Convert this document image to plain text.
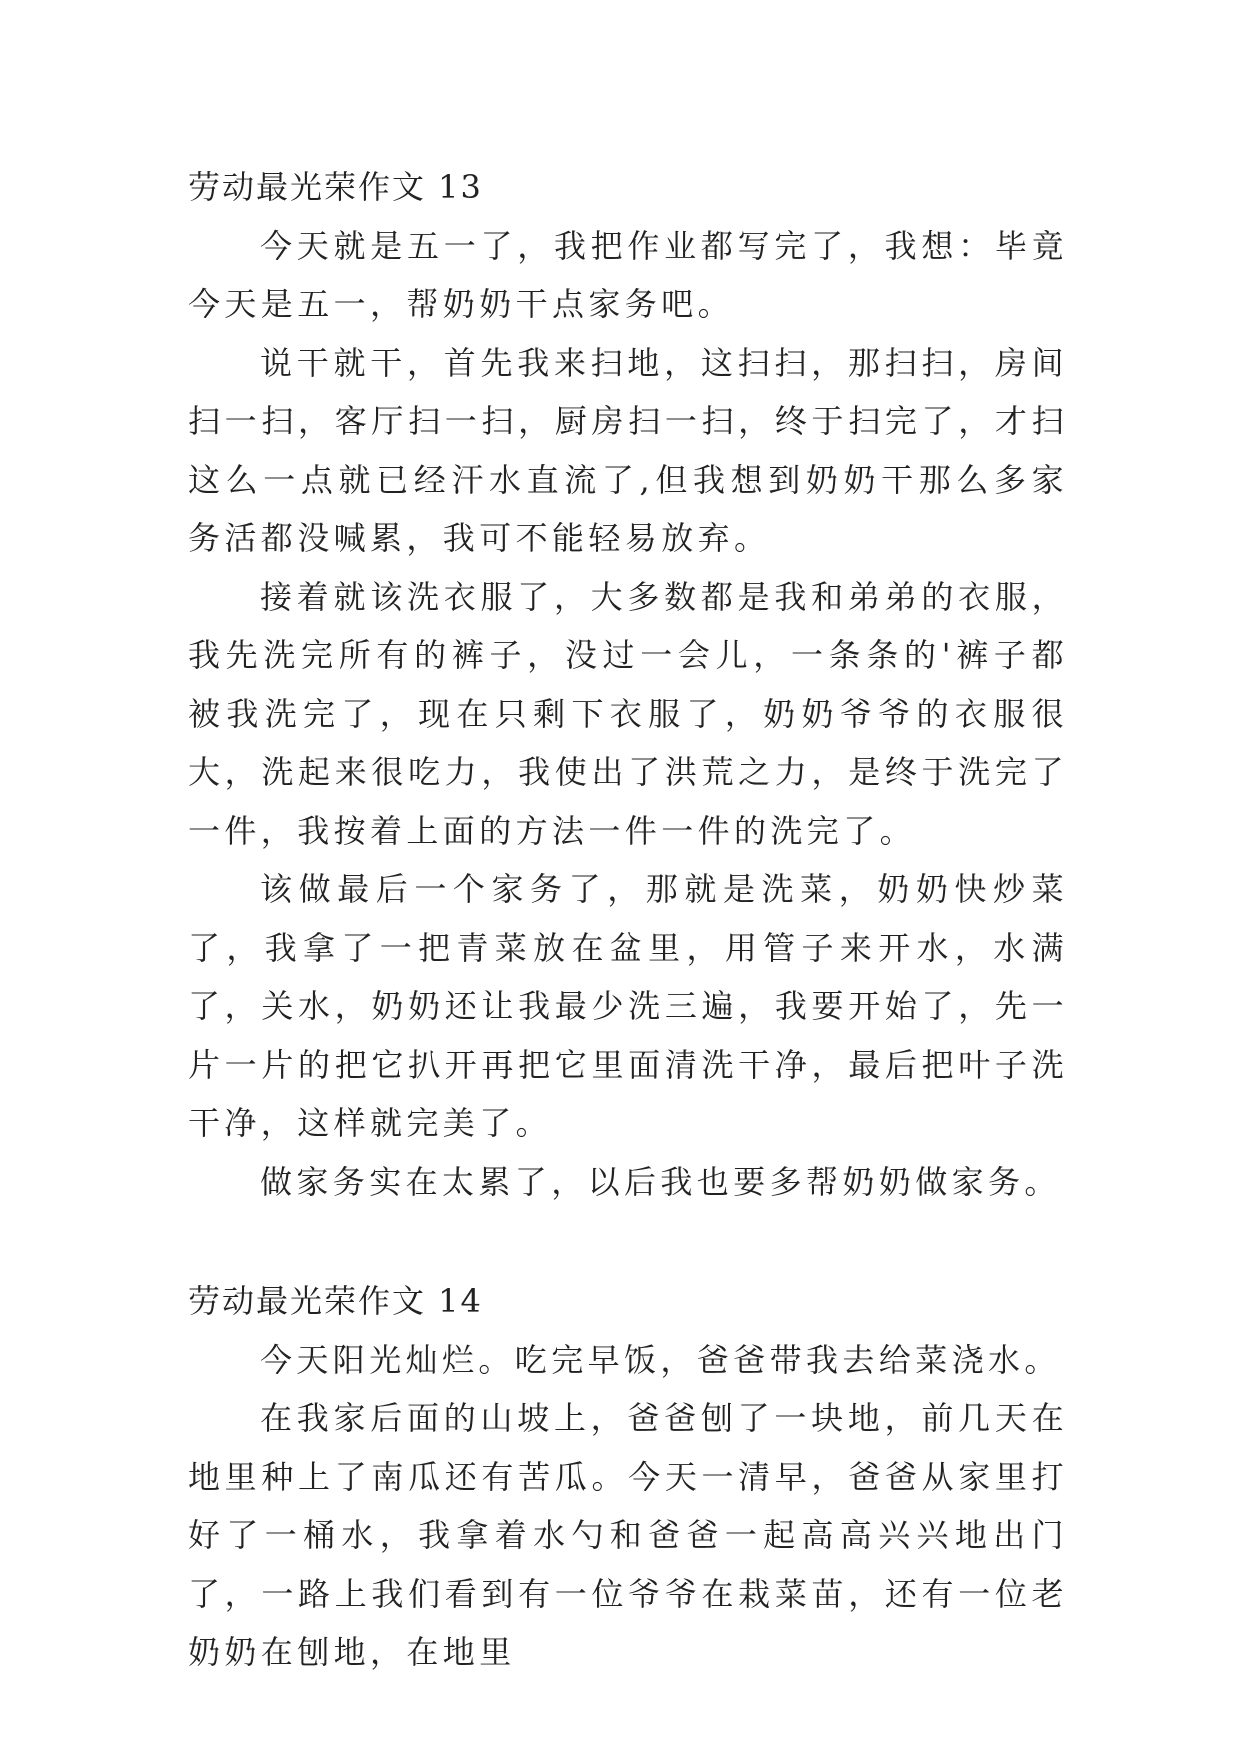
劳动最光荣作文 13

今天就是五一了，我把作业都写完了，我想：毕竟今天是五一，帮奶奶干点家务吧。

说干就干，首先我来扫地，这扫扫，那扫扫，房间扫一扫，客厅扫一扫，厨房扫一扫，终于扫完了，才扫这么一点就已经汗水直流了,但我想到奶奶干那么多家务活都没喊累，我可不能轻易放弃。

接着就该洗衣服了，大多数都是我和弟弟的衣服，我先洗完所有的裤子，没过一会儿，一条条的'裤子都被我洗完了，现在只剩下衣服了，奶奶爷爷的衣服很大，洗起来很吃力，我使出了洪荒之力，是终于洗完了一件，我按着上面的方法一件一件的洗完了。

该做最后一个家务了，那就是洗菜，奶奶快炒菜了，我拿了一把青菜放在盆里，用管子来开水，水满了，关水，奶奶还让我最少洗三遍，我要开始了，先一片一片的把它扒开再把它里面清洗干净，最后把叶子洗干净，这样就完美了。

做家务实在太累了，以后我也要多帮奶奶做家务。

劳动最光荣作文 14

今天阳光灿烂。吃完早饭，爸爸带我去给菜浇水。

在我家后面的山坡上，爸爸刨了一块地，前几天在地里种上了南瓜还有苦瓜。今天一清早，爸爸从家里打好了一桶水，我拿着水勺和爸爸一起高高兴兴地出门了，一路上我们看到有一位爷爷在栽菜苗，还有一位老奶奶在刨地，在地里
